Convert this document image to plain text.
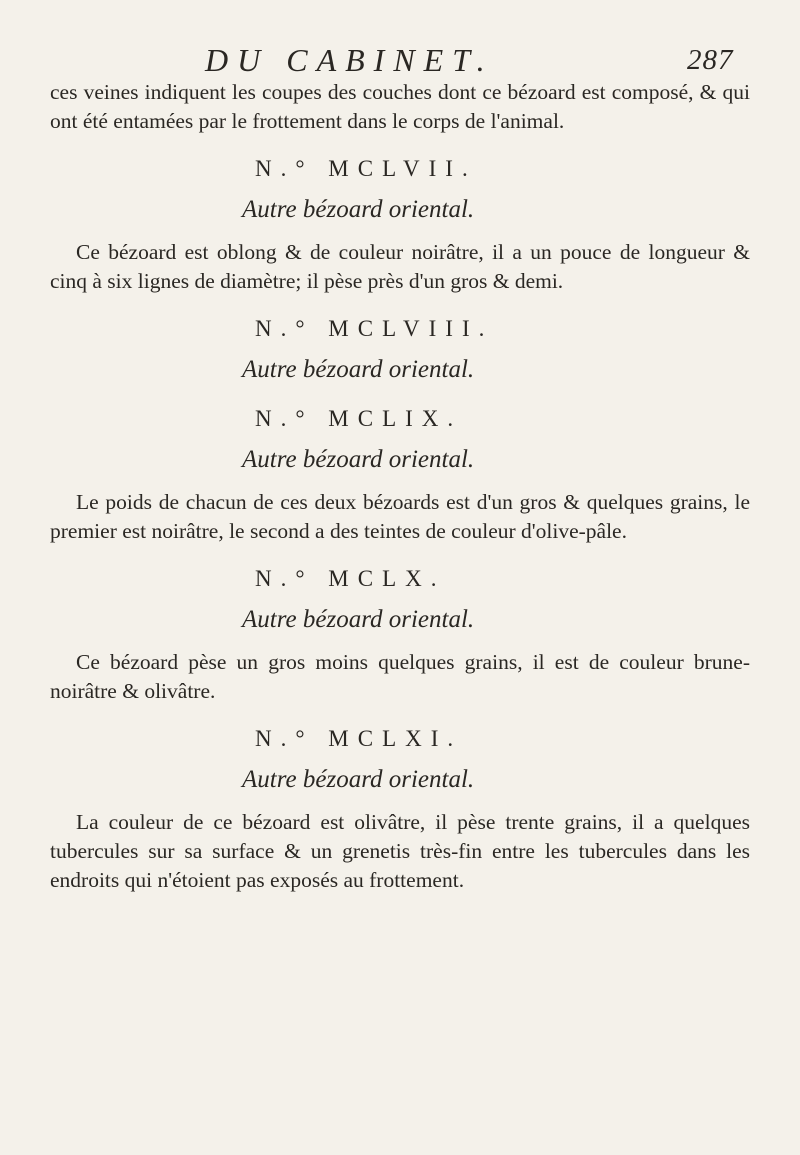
DU CABINET.	287

ces veines indiquent les coupes des couches dont ce bézoard est composé, & qui ont été entamées par le frottement dans le corps de l'animal.

N.° MCLVII.
Autre bézoard oriental.

Ce bézoard est oblong & de couleur noirâtre, il a un pouce de longueur & cinq à six lignes de diamètre; il pèse près d'un gros & demi.

N.° MCLVIII.
Autre bézoard oriental.
N.° MCLIX.
Autre bézoard oriental.

Le poids de chacun de ces deux bézoards est d'un gros & quelques grains, le premier est noirâtre, le second a des teintes de couleur d'olive-pâle.

N.° MCLX.
Autre bézoard oriental.

Ce bézoard pèse un gros moins quelques grains, il est de couleur brune-noirâtre & olivâtre.

N.° MCLXI.
Autre bézoard oriental.

La couleur de ce bézoard est olivâtre, il pèse trente grains, il a quelques tubercules sur sa surface & un grenetis très-fin entre les tubercules dans les endroits qui n'étoient pas exposés au frottement.
